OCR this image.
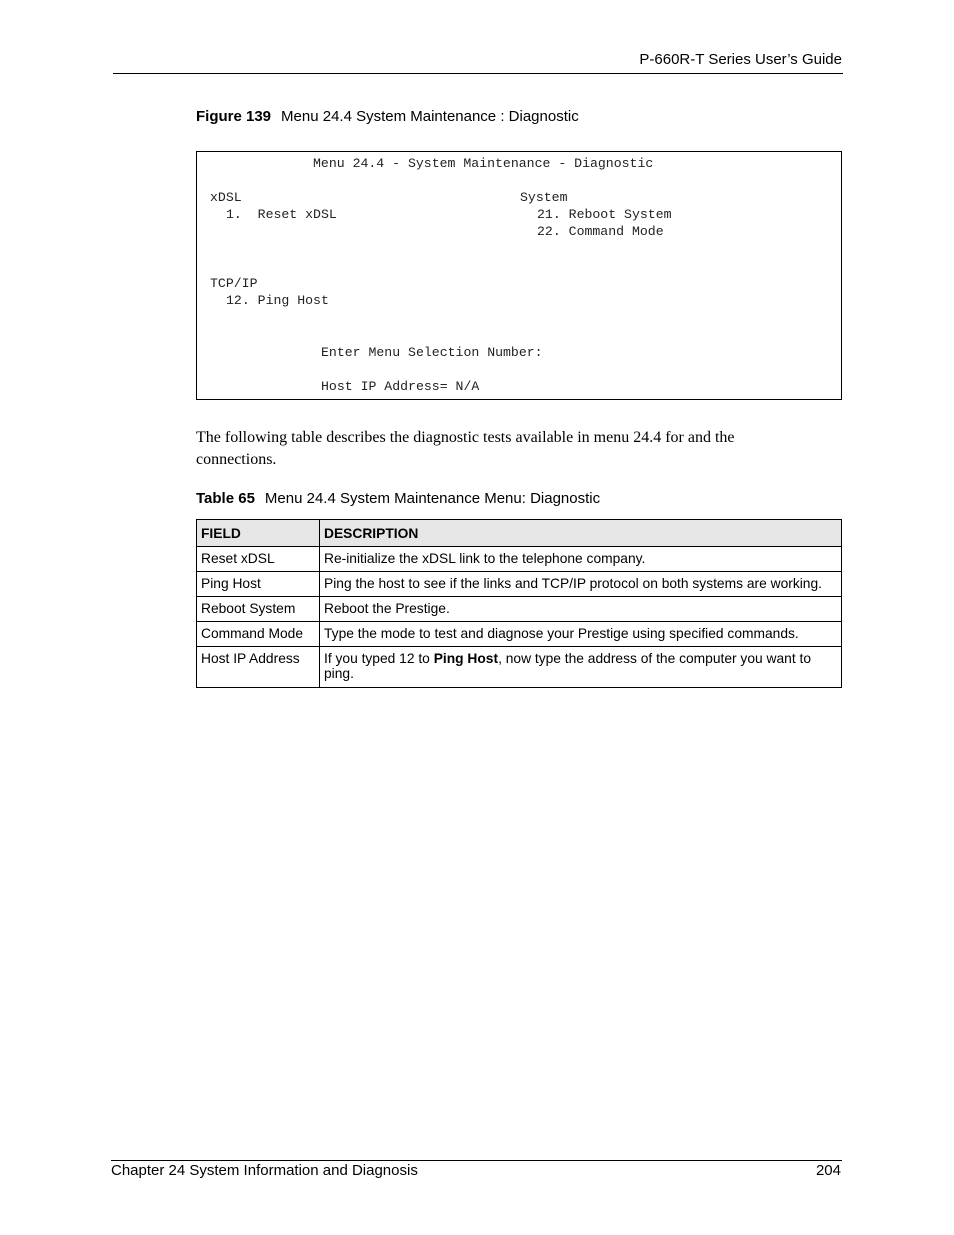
P-660R-T Series User’s Guide
Figure 139 Menu 24.4 System Maintenance : Diagnostic
Menu 24.4 - System Maintenance - Diagnostic
xDSL
1.  Reset xDSL
System
21. Reboot System
22. Command Mode
TCP/IP
12. Ping Host
Enter Menu Selection Number:
Host IP Address= N/A
The following table describes the diagnostic tests available in menu 24.4 for and the connections.
Table 65 Menu 24.4 System Maintenance Menu: Diagnostic
FIELD	DESCRIPTION
Reset xDSL	Re-initialize the xDSL link to the telephone company.
Ping Host	Ping the host to see if the links and TCP/IP protocol on both systems are working.
Reboot System	Reboot the Prestige.
Command Mode	Type the mode to test and diagnose your Prestige using specified commands.
Host IP Address	If you typed 12 to Ping Host, now type the address of the computer you want to ping.
Chapter 24 System Information and Diagnosis	204
